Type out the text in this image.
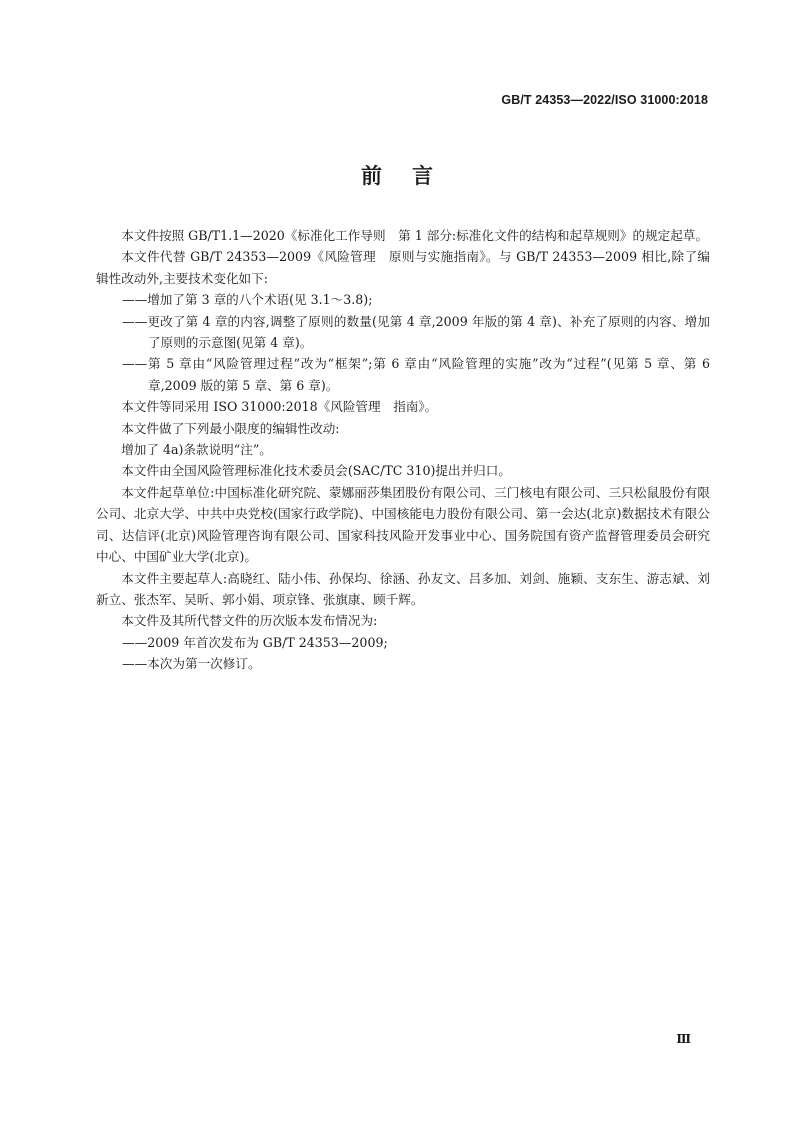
GB/T 24353—2022/ISO 31000:2018
前言

本文件按照 GB/T1.1—2020《标准化工作导则　第 1 部分:标准化文件的结构和起草规则》的规定起草。

本文件代替 GB/T 24353—2009《风险管理　原则与实施指南》。与 GB/T 24353—2009 相比,除了编辑性改动外,主要技术变化如下:

——增加了第 3 章的八个术语(见 3.1～3.8);
——更改了第 4 章的内容,调整了原则的数量(见第 4 章,2009 年版的第 4 章)、补充了原则的内容、增加了原则的示意图(见第 4 章)。
——第 5 章由“风险管理过程”改为“框架”;第 6 章由“风险管理的实施”改为“过程”(见第 5 章、第 6 章,2009 版的第 5 章、第 6 章)。

本文件等同采用 ISO 31000:2018《风险管理　指南》。

本文件做了下列最小限度的编辑性改动:

增加了 4a)条款说明“注”。

本文件由全国风险管理标准化技术委员会(SAC/TC 310)提出并归口。

本文件起草单位:中国标准化研究院、蒙娜丽莎集团股份有限公司、三门核电有限公司、三只松鼠股份有限公司、北京大学、中共中央党校(国家行政学院)、中国核能电力股份有限公司、第一会达(北京)数据技术有限公司、达信评(北京)风险管理咨询有限公司、国家科技风险开发事业中心、国务院国有资产监督管理委员会研究中心、中国矿业大学(北京)。

本文件主要起草人:高晓红、陆小伟、孙保均、徐涵、孙友文、吕多加、刘剑、施颖、支东生、游志斌、刘新立、张杰军、吴昕、郭小娟、项京锋、张旗康、顾千辉。

本文件及其所代替文件的历次版本发布情况为:

——2009 年首次发布为 GB/T 24353—2009;
——本次为第一次修订。
Ⅲ
